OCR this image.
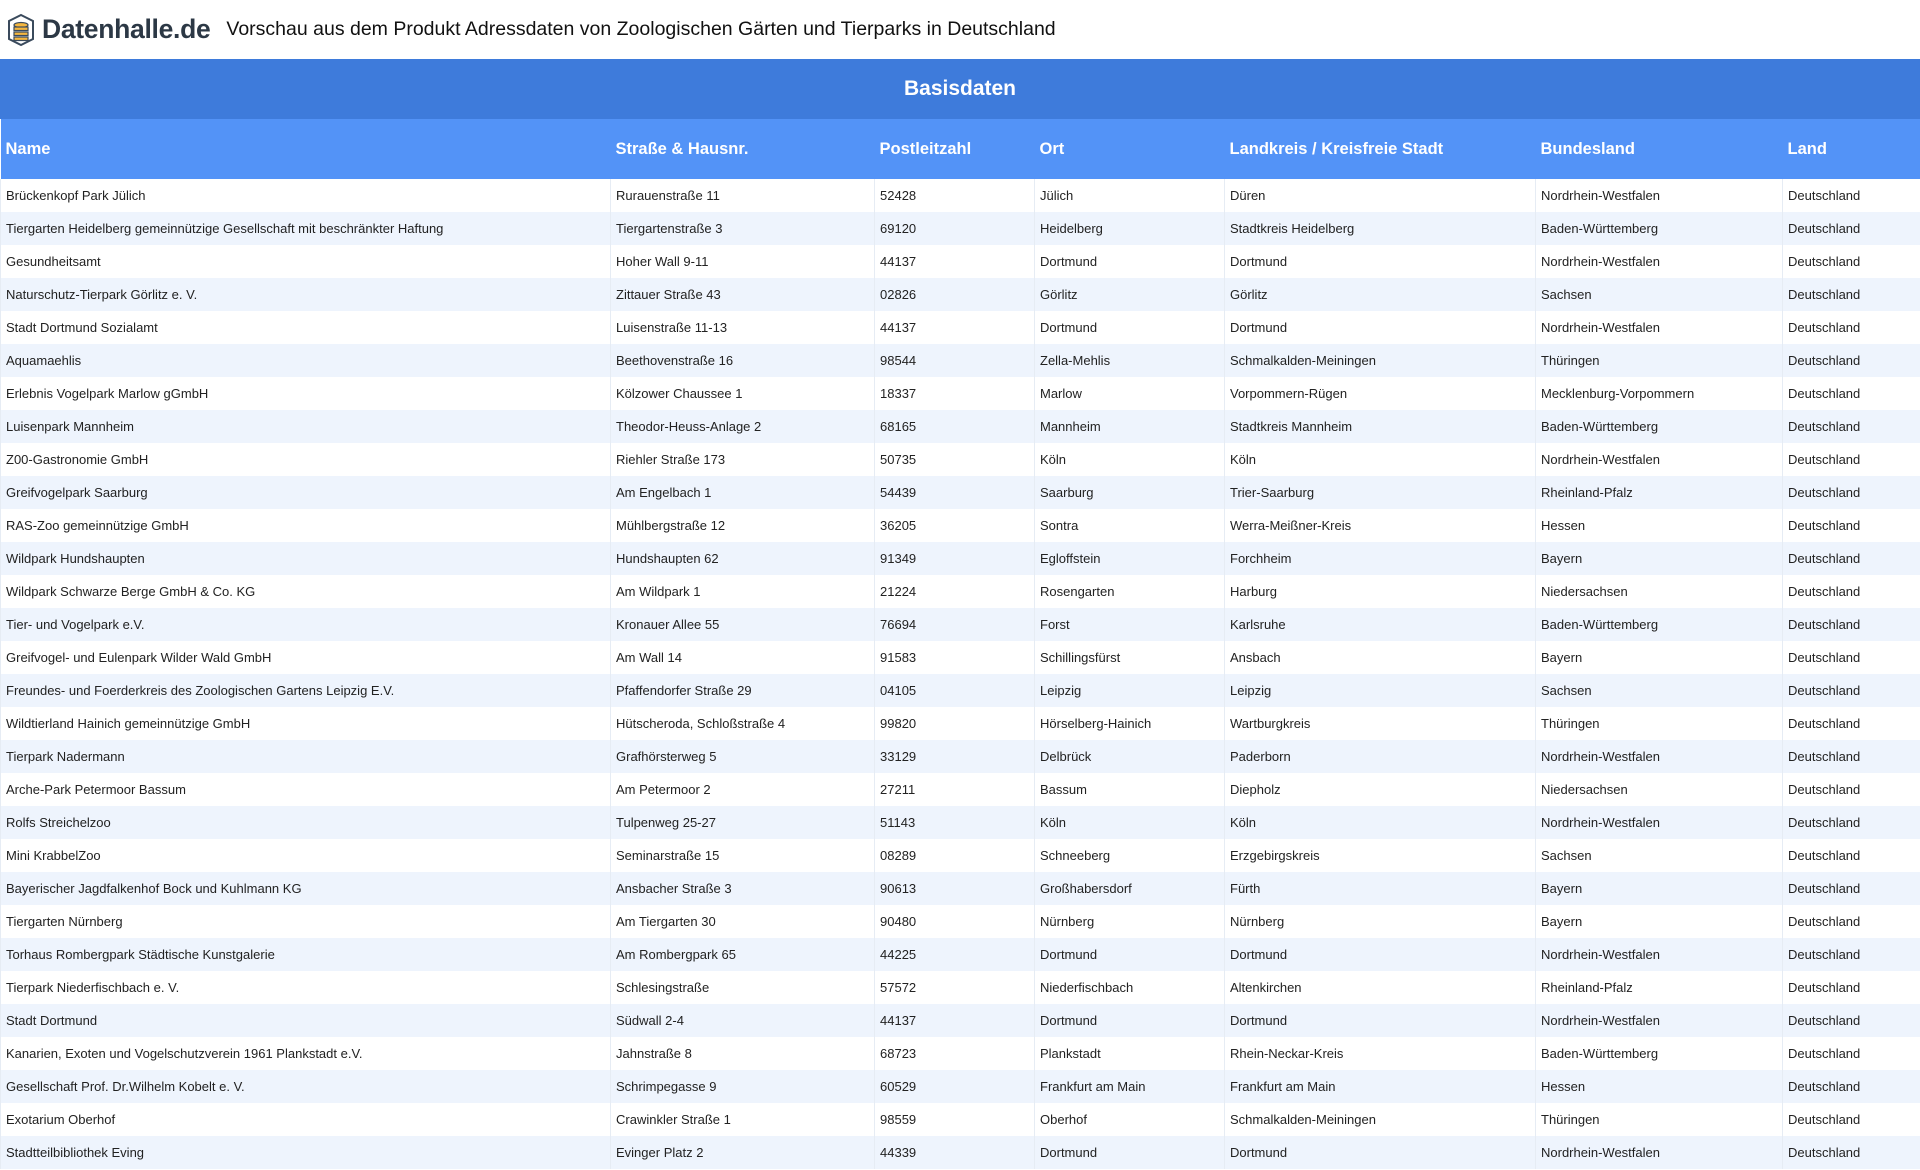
Datenhalle.de Vorschau aus dem Produkt Adressdaten von Zoologischen Gärten und Tierparks in Deutschland
Basisdaten
Name	Straße & Hausnr.	Postleitzahl	Ort	Landkreis / Kreisfreie Stadt	Bundesland	Land
Brückenkopf Park Jülich	Rurauenstraße 11	52428	Jülich	Düren	Nordrhein-Westfalen	Deutschland
Tiergarten Heidelberg gemeinnützige Gesellschaft mit beschränkter Haftung	Tiergartenstraße 3	69120	Heidelberg	Stadtkreis Heidelberg	Baden-Württemberg	Deutschland
Gesundheitsamt	Hoher Wall 9-11	44137	Dortmund	Dortmund	Nordrhein-Westfalen	Deutschland
Naturschutz-Tierpark Görlitz e. V.	Zittauer Straße 43	02826	Görlitz	Görlitz	Sachsen	Deutschland
Stadt Dortmund Sozialamt	Luisenstraße 11-13	44137	Dortmund	Dortmund	Nordrhein-Westfalen	Deutschland
Aquamaehlis	Beethovenstraße 16	98544	Zella-Mehlis	Schmalkalden-Meiningen	Thüringen	Deutschland
Erlebnis Vogelpark Marlow gGmbH	Kölzower Chaussee 1	18337	Marlow	Vorpommern-Rügen	Mecklenburg-Vorpommern	Deutschland
Luisenpark Mannheim	Theodor-Heuss-Anlage 2	68165	Mannheim	Stadtkreis Mannheim	Baden-Württemberg	Deutschland
Z00-Gastronomie GmbH	Riehler Straße 173	50735	Köln	Köln	Nordrhein-Westfalen	Deutschland
Greifvogelpark Saarburg	Am Engelbach 1	54439	Saarburg	Trier-Saarburg	Rheinland-Pfalz	Deutschland
RAS-Zoo gemeinnützige GmbH	Mühlbergstraße 12	36205	Sontra	Werra-Meißner-Kreis	Hessen	Deutschland
Wildpark Hundshaupten	Hundshaupten 62	91349	Egloffstein	Forchheim	Bayern	Deutschland
Wildpark Schwarze Berge GmbH & Co. KG	Am Wildpark 1	21224	Rosengarten	Harburg	Niedersachsen	Deutschland
Tier- und Vogelpark e.V.	Kronauer Allee 55	76694	Forst	Karlsruhe	Baden-Württemberg	Deutschland
Greifvogel- und Eulenpark Wilder Wald GmbH	Am Wall 14	91583	Schillingsfürst	Ansbach	Bayern	Deutschland
Freundes- und Foerderkreis des Zoologischen Gartens Leipzig E.V.	Pfaffendorfer Straße 29	04105	Leipzig	Leipzig	Sachsen	Deutschland
Wildtierland Hainich gemeinnützige GmbH	Hütscheroda, Schloßstraße 4	99820	Hörselberg-Hainich	Wartburgkreis	Thüringen	Deutschland
Tierpark Nadermann	Grafhörsterweg 5	33129	Delbrück	Paderborn	Nordrhein-Westfalen	Deutschland
Arche-Park Petermoor Bassum	Am Petermoor 2	27211	Bassum	Diepholz	Niedersachsen	Deutschland
Rolfs Streichelzoo	Tulpenweg 25-27	51143	Köln	Köln	Nordrhein-Westfalen	Deutschland
Mini KrabbelZoo	Seminarstraße 15	08289	Schneeberg	Erzgebirgskreis	Sachsen	Deutschland
Bayerischer Jagdfalkenhof Bock und Kuhlmann KG	Ansbacher Straße 3	90613	Großhabersdorf	Fürth	Bayern	Deutschland
Tiergarten Nürnberg	Am Tiergarten 30	90480	Nürnberg	Nürnberg	Bayern	Deutschland
Torhaus Rombergpark Städtische Kunstgalerie	Am Rombergpark 65	44225	Dortmund	Dortmund	Nordrhein-Westfalen	Deutschland
Tierpark Niederfischbach e. V.	Schlesingstraße	57572	Niederfischbach	Altenkirchen	Rheinland-Pfalz	Deutschland
Stadt Dortmund	Südwall 2-4	44137	Dortmund	Dortmund	Nordrhein-Westfalen	Deutschland
Kanarien, Exoten und Vogelschutzverein 1961 Plankstadt e.V.	Jahnstraße 8	68723	Plankstadt	Rhein-Neckar-Kreis	Baden-Württemberg	Deutschland
Gesellschaft Prof. Dr.Wilhelm Kobelt e. V.	Schrimpegasse 9	60529	Frankfurt am Main	Frankfurt am Main	Hessen	Deutschland
Exotarium Oberhof	Crawinkler Straße 1	98559	Oberhof	Schmalkalden-Meiningen	Thüringen	Deutschland
Stadtteilbibliothek Eving	Evinger Platz 2	44339	Dortmund	Dortmund	Nordrhein-Westfalen	Deutschland
